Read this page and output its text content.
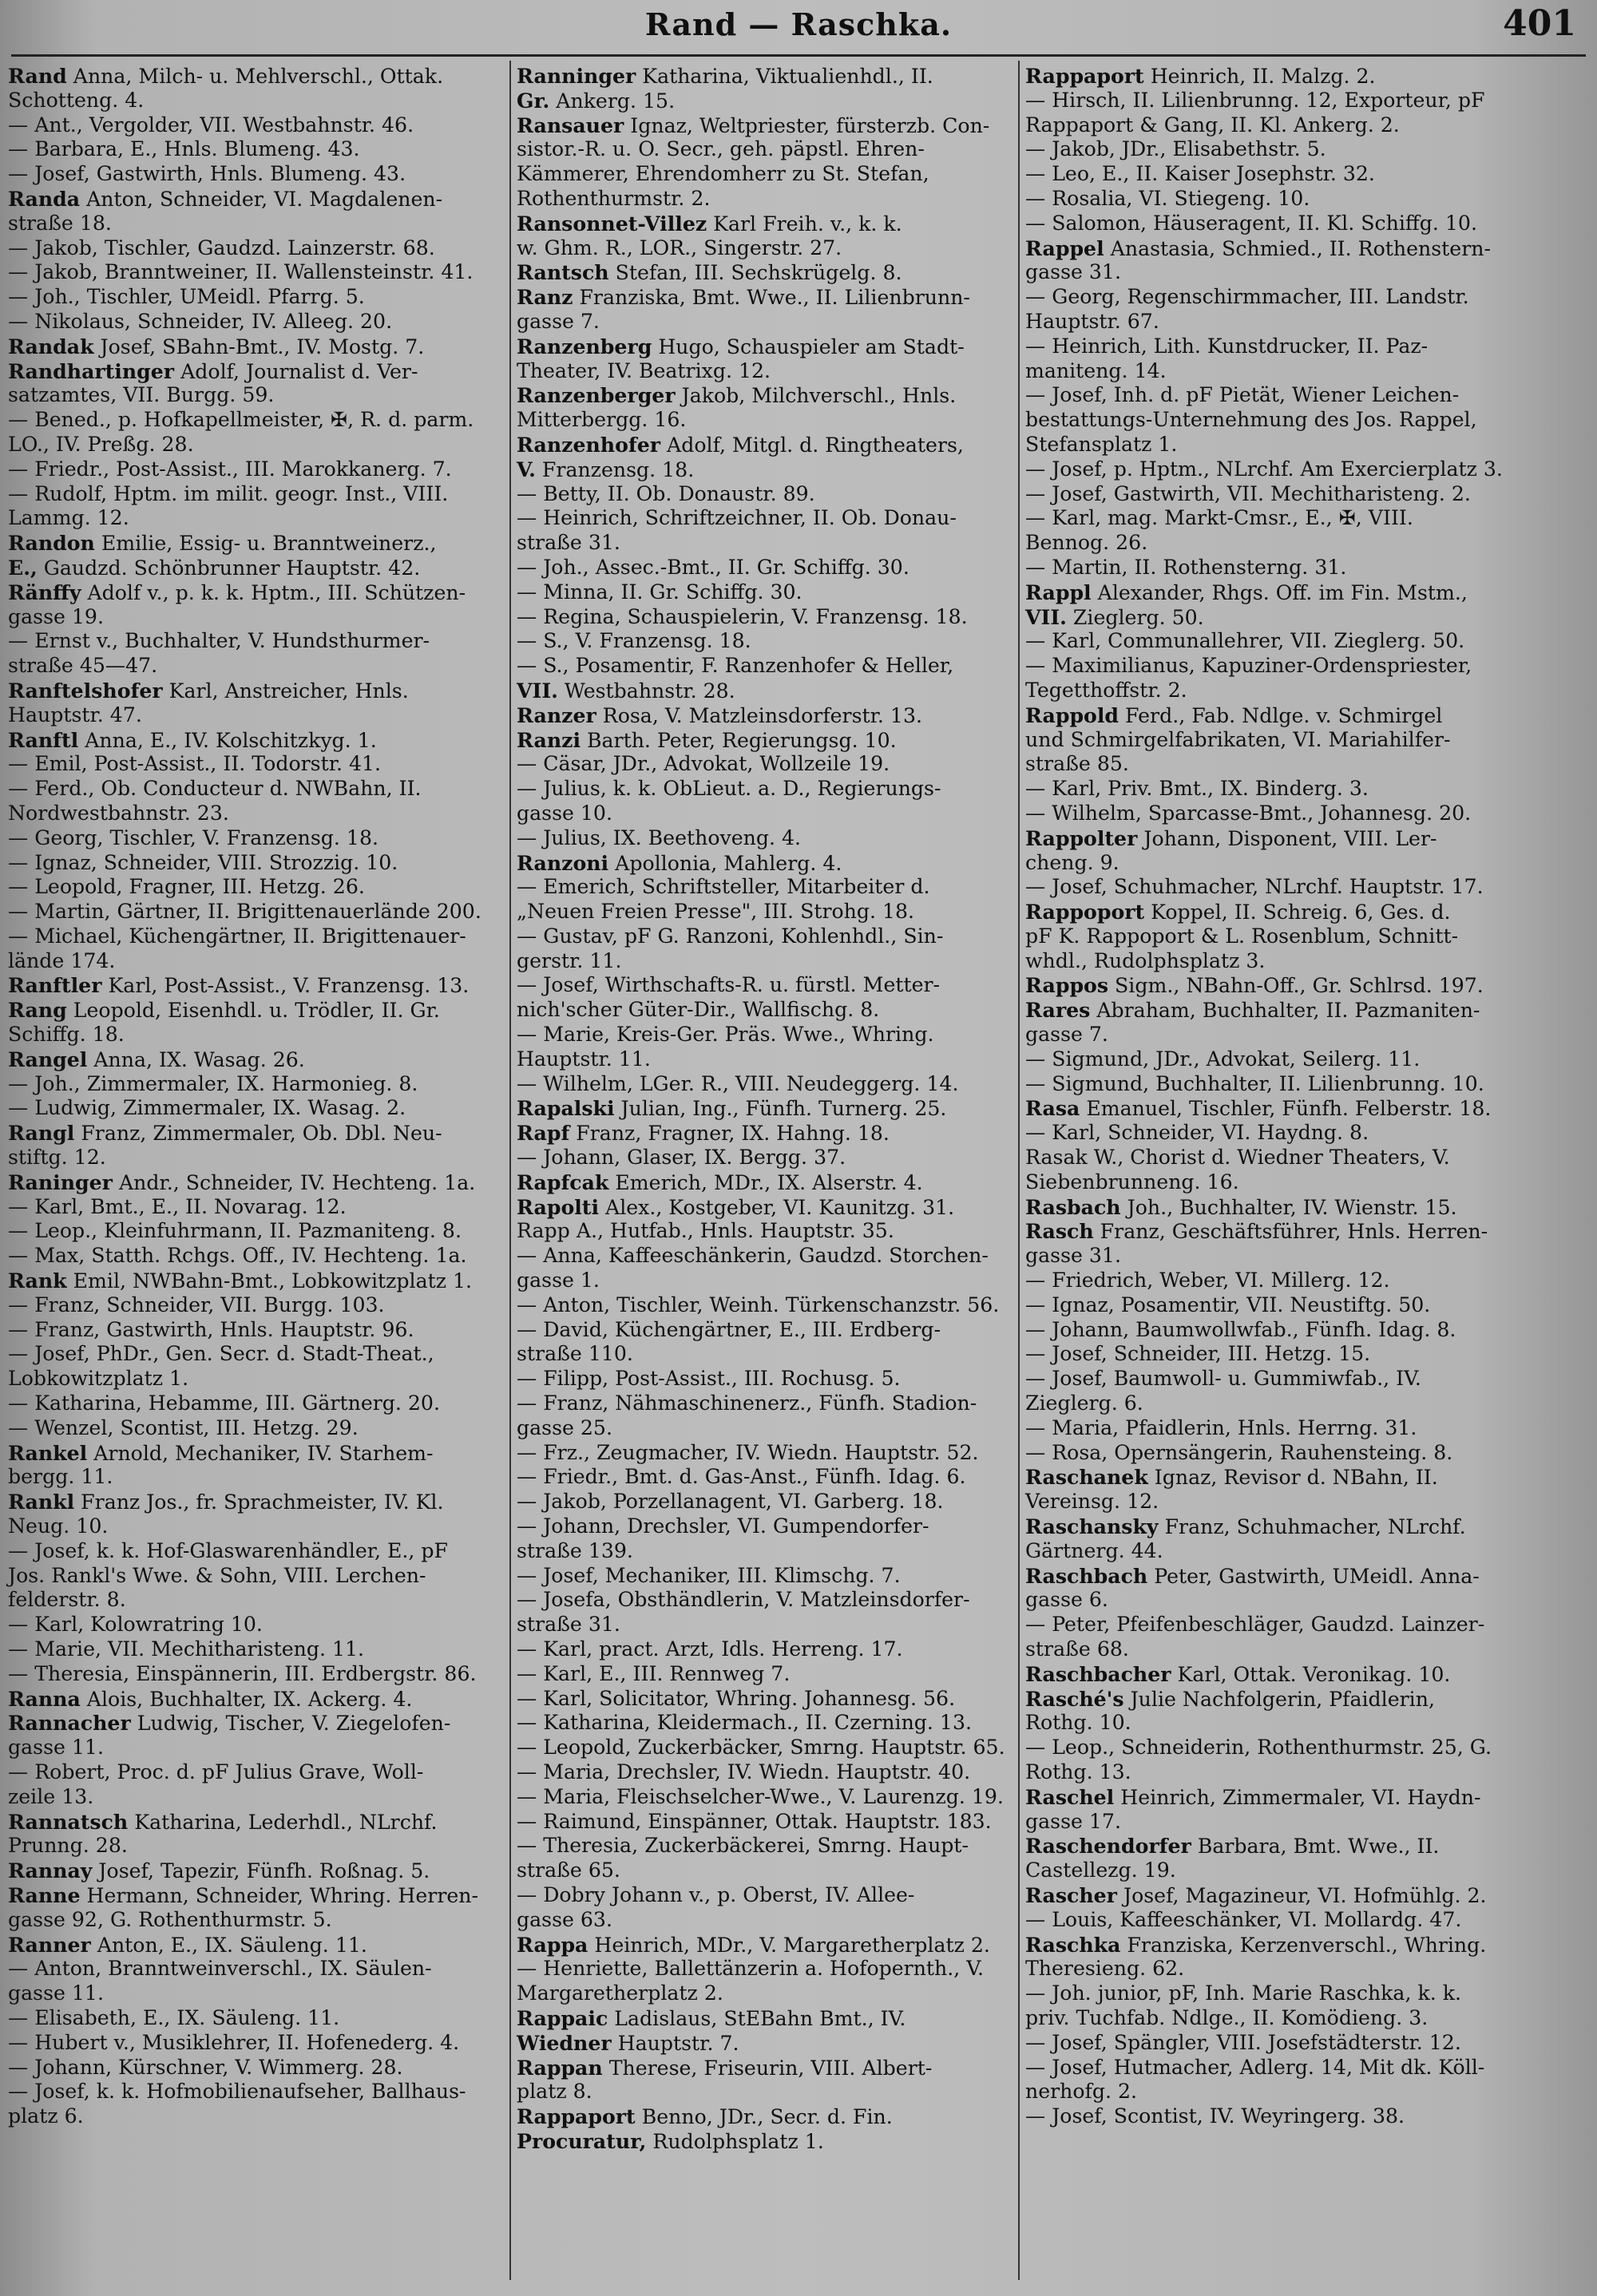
Rand — Raschka.	401
Rand Anna, Milch- u. Mehlverschl., Ottak.
Schotteng. 4.
— Ant., Vergolder, VII. Westbahnstr. 46.
— Barbara, E., Hnls. Blumeng. 43.
— Josef, Gastwirth, Hnls. Blumeng. 43.
Randa Anton, Schneider, VI. Magdalenen-
straße 18.
— Jakob, Tischler, Gaudzd. Lainzerstr. 68.
— Jakob, Branntweiner, II. Wallensteinstr. 41.
— Joh., Tischler, UMeidl. Pfarrg. 5.
— Nikolaus, Schneider, IV. Alleeg. 20.
Randak Josef, SBahn-Bmt., IV. Mostg. 7.
Randhartinger Adolf, Journalist d. Ver-
satzamtes, VII. Burgg. 59.
— Bened., p. Hofkapellmeister, ✠, R. d. parm.
LO., IV. Preßg. 28.
— Friedr., Post-Assist., III. Marokkanerg. 7.
— Rudolf, Hptm. im milit. geogr. Inst., VIII.
Lammg. 12.
Randon Emilie, Essig- u. Branntweinerz.,
E., Gaudzd. Schönbrunner Hauptstr. 42.
Ränffy Adolf v., p. k. k. Hptm., III. Schützen-
gasse 19.
— Ernst v., Buchhalter, V. Hundsthurmer-
straße 45—47.
Ranftelshofer Karl, Anstreicher, Hnls.
Hauptstr. 47.
Ranftl Anna, E., IV. Kolschitzkyg. 1.
— Emil, Post-Assist., II. Todorstr. 41.
— Ferd., Ob. Conducteur d. NWBahn, II.
Nordwestbahnstr. 23.
— Georg, Tischler, V. Franzensg. 18.
— Ignaz, Schneider, VIII. Strozzig. 10.
— Leopold, Fragner, III. Hetzg. 26.
— Martin, Gärtner, II. Brigittenauerlände 200.
— Michael, Küchengärtner, II. Brigittenauer-
lände 174.
Ranftler Karl, Post-Assist., V. Franzensg. 13.
Rang Leopold, Eisenhdl. u. Trödler, II. Gr.
Schiffg. 18.
Rangel Anna, IX. Wasag. 26.
— Joh., Zimmermaler, IX. Harmonieg. 8.
— Ludwig, Zimmermaler, IX. Wasag. 2.
Rangl Franz, Zimmermaler, Ob. Dbl. Neu-
stiftg. 12.
Raninger Andr., Schneider, IV. Hechteng. 1a.
— Karl, Bmt., E., II. Novarag. 12.
— Leop., Kleinfuhrmann, II. Pazmaniteng. 8.
— Max, Statth. Rchgs. Off., IV. Hechteng. 1a.
Rank Emil, NWBahn-Bmt., Lobkowitzplatz 1.
— Franz, Schneider, VII. Burgg. 103.
— Franz, Gastwirth, Hnls. Hauptstr. 96.
— Josef, PhDr., Gen. Secr. d. Stadt-Theat.,
Lobkowitzplatz 1.
— Katharina, Hebamme, III. Gärtnerg. 20.
— Wenzel, Scontist, III. Hetzg. 29.
Rankel Arnold, Mechaniker, IV. Starhem-
bergg. 11.
Rankl Franz Jos., fr. Sprachmeister, IV. Kl.
Neug. 10.
— Josef, k. k. Hof-Glaswarenhändler, E., pF
Jos. Rankl's Wwe. & Sohn, VIII. Lerchen-
felderstr. 8.
— Karl, Kolowratring 10.
— Marie, VII. Mechitharisteng. 11.
— Theresia, Einspännerin, III. Erdbergstr. 86.
Ranna Alois, Buchhalter, IX. Ackerg. 4.
Rannacher Ludwig, Tischer, V. Ziegelofen-
gasse 11.
— Robert, Proc. d. pF Julius Grave, Woll-
zeile 13.
Rannatsch Katharina, Lederhdl., NLrchf.
Prunng. 28.
Rannay Josef, Tapezir, Fünfh. Roßnag. 5.
Ranne Hermann, Schneider, Whring. Herren-
gasse 92, G. Rothenthurmstr. 5.
Ranner Anton, E., IX. Säuleng. 11.
— Anton, Branntweinverschl., IX. Säulen-
gasse 11.
— Elisabeth, E., IX. Säuleng. 11.
— Hubert v., Musiklehrer, II. Hofenederg. 4.
— Johann, Kürschner, V. Wimmerg. 28.
— Josef, k. k. Hofmobilienaufseher, Ballhaus-
platz 6.
Ranninger Katharina, Viktualienhdl., II.
Gr. Ankerg. 15.
Ransauer Ignaz, Weltpriester, fürsterzb. Con-
sistor.-R. u. O. Secr., geh. päpstl. Ehren-
Kämmerer, Ehrendomherr zu St. Stefan,
Rothenthurmstr. 2.
Ransonnet-Villez Karl Freih. v., k. k.
w. Ghm. R., LOR., Singerstr. 27.
Rantsch Stefan, III. Sechskrügelg. 8.
Ranz Franziska, Bmt. Wwe., II. Lilienbrunn-
gasse 7.
Ranzenberg Hugo, Schauspieler am Stadt-
Theater, IV. Beatrixg. 12.
Ranzenberger Jakob, Milchverschl., Hnls.
Mitterbergg. 16.
Ranzenhofer Adolf, Mitgl. d. Ringtheaters,
V. Franzensg. 18.
— Betty, II. Ob. Donaustr. 89.
— Heinrich, Schriftzeichner, II. Ob. Donau-
straße 31.
— Joh., Assec.-Bmt., II. Gr. Schiffg. 30.
— Minna, II. Gr. Schiffg. 30.
— Regina, Schauspielerin, V. Franzensg. 18.
— S., V. Franzensg. 18.
— S., Posamentir, F. Ranzenhofer & Heller,
VII. Westbahnstr. 28.
Ranzer Rosa, V. Matzleinsdorferstr. 13.
Ranzi Barth. Peter, Regierungsg. 10.
— Cäsar, JDr., Advokat, Wollzeile 19.
— Julius, k. k. ObLieut. a. D., Regierungs-
gasse 10.
— Julius, IX. Beethoveng. 4.
Ranzoni Apollonia, Mahlerg. 4.
— Emerich, Schriftsteller, Mitarbeiter d.
„Neuen Freien Presse", III. Strohg. 18.
— Gustav, pF G. Ranzoni, Kohlenhdl., Sin-
gerstr. 11.
— Josef, Wirthschafts-R. u. fürstl. Metter-
nich'scher Güter-Dir., Wallfischg. 8.
— Marie, Kreis-Ger. Präs. Wwe., Whring.
Hauptstr. 11.
— Wilhelm, LGer. R., VIII. Neudeggerg. 14.
Rapalski Julian, Ing., Fünfh. Turnerg. 25.
Rapf Franz, Fragner, IX. Hahng. 18.
— Johann, Glaser, IX. Bergg. 37.
Rapfcak Emerich, MDr., IX. Alserstr. 4.
Rapolti Alex., Kostgeber, VI. Kaunitzg. 31.
Rapp A., Hutfab., Hnls. Hauptstr. 35.
— Anna, Kaffeeschänkerin, Gaudzd. Storchen-
gasse 1.
— Anton, Tischler, Weinh. Türkenschanzstr. 56.
— David, Küchengärtner, E., III. Erdberg-
straße 110.
— Filipp, Post-Assist., III. Rochusg. 5.
— Franz, Nähmaschinenerz., Fünfh. Stadion-
gasse 25.
— Frz., Zeugmacher, IV. Wiedn. Hauptstr. 52.
— Friedr., Bmt. d. Gas-Anst., Fünfh. Idag. 6.
— Jakob, Porzellanagent, VI. Garberg. 18.
— Johann, Drechsler, VI. Gumpendorfer-
straße 139.
— Josef, Mechaniker, III. Klimschg. 7.
— Josefa, Obsthändlerin, V. Matzleinsdorfer-
straße 31.
— Karl, pract. Arzt, Idls. Herreng. 17.
— Karl, E., III. Rennweg 7.
— Karl, Solicitator, Whring. Johannesg. 56.
— Katharina, Kleidermach., II. Czerning. 13.
— Leopold, Zuckerbäcker, Smrng. Hauptstr. 65.
— Maria, Drechsler, IV. Wiedn. Hauptstr. 40.
— Maria, Fleischselcher-Wwe., V. Laurenzg. 19.
— Raimund, Einspänner, Ottak. Hauptstr. 183.
— Theresia, Zuckerbäckerei, Smrng. Haupt-
straße 65.
— Dobry Johann v., p. Oberst, IV. Allee-
gasse 63.
Rappa Heinrich, MDr., V. Margaretherplatz 2.
— Henriette, Ballettänzerin a. Hofopernth., V.
Margaretherplatz 2.
Rappaic Ladislaus, StEBahn Bmt., IV.
Wiedner Hauptstr. 7.
Rappan Therese, Friseurin, VIII. Albert-
platz 8.
Rappaport Benno, JDr., Secr. d. Fin.
Procuratur, Rudolphsplatz 1.
Rappaport Heinrich, II. Malzg. 2.
— Hirsch, II. Lilienbrunng. 12, Exporteur, pF
Rappaport & Gang, II. Kl. Ankerg. 2.
— Jakob, JDr., Elisabethstr. 5.
— Leo, E., II. Kaiser Josephstr. 32.
— Rosalia, VI. Stiegeng. 10.
— Salomon, Häuseragent, II. Kl. Schiffg. 10.
Rappel Anastasia, Schmied., II. Rothenstern-
gasse 31.
— Georg, Regenschirmmacher, III. Landstr.
Hauptstr. 67.
— Heinrich, Lith. Kunstdrucker, II. Paz-
maniteng. 14.
— Josef, Inh. d. pF Pietät, Wiener Leichen-
bestattungs-Unternehmung des Jos. Rappel,
Stefansplatz 1.
— Josef, p. Hptm., NLrchf. Am Exercierplatz 3.
— Josef, Gastwirth, VII. Mechitharisteng. 2.
— Karl, mag. Markt-Cmsr., E., ✠, VIII.
Bennog. 26.
— Martin, II. Rothensterng. 31.
Rappl Alexander, Rhgs. Off. im Fin. Mstm.,
VII. Zieglerg. 50.
— Karl, Communallehrer, VII. Zieglerg. 50.
— Maximilianus, Kapuziner-Ordenspriester,
Tegetthoffstr. 2.
Rappold Ferd., Fab. Ndlge. v. Schmirgel
und Schmirgelfabrikaten, VI. Mariahilfer-
straße 85.
— Karl, Priv. Bmt., IX. Binderg. 3.
— Wilhelm, Sparcasse-Bmt., Johannesg. 20.
Rappolter Johann, Disponent, VIII. Ler-
cheng. 9.
— Josef, Schuhmacher, NLrchf. Hauptstr. 17.
Rappoport Koppel, II. Schreig. 6, Ges. d.
pF K. Rappoport & L. Rosenblum, Schnitt-
whdl., Rudolphsplatz 3.
Rappos Sigm., NBahn-Off., Gr. Schlrsd. 197.
Rares Abraham, Buchhalter, II. Pazmaniten-
gasse 7.
— Sigmund, JDr., Advokat, Seilerg. 11.
— Sigmund, Buchhalter, II. Lilienbrunng. 10.
Rasa Emanuel, Tischler, Fünfh. Felberstr. 18.
— Karl, Schneider, VI. Haydng. 8.
Rasak W., Chorist d. Wiedner Theaters, V.
Siebenbrunneng. 16.
Rasbach Joh., Buchhalter, IV. Wienstr. 15.
Rasch Franz, Geschäftsführer, Hnls. Herren-
gasse 31.
— Friedrich, Weber, VI. Millerg. 12.
— Ignaz, Posamentir, VII. Neustiftg. 50.
— Johann, Baumwollwfab., Fünfh. Idag. 8.
— Josef, Schneider, III. Hetzg. 15.
— Josef, Baumwoll- u. Gummiwfab., IV.
Zieglerg. 6.
— Maria, Pfaidlerin, Hnls. Herrng. 31.
— Rosa, Opernsängerin, Rauhensteing. 8.
Raschanek Ignaz, Revisor d. NBahn, II.
Vereinsg. 12.
Raschansky Franz, Schuhmacher, NLrchf.
Gärtnerg. 44.
Raschbach Peter, Gastwirth, UMeidl. Anna-
gasse 6.
— Peter, Pfeifenbeschläger, Gaudzd. Lainzer-
straße 68.
Raschbacher Karl, Ottak. Veronikag. 10.
Rasché's Julie Nachfolgerin, Pfaidlerin,
Rothg. 10.
— Leop., Schneiderin, Rothenthurmstr. 25, G.
Rothg. 13.
Raschel Heinrich, Zimmermaler, VI. Haydn-
gasse 17.
Raschendorfer Barbara, Bmt. Wwe., II.
Castellezg. 19.
Rascher Josef, Magazineur, VI. Hofmühlg. 2.
— Louis, Kaffeeschänker, VI. Mollardg. 47.
Raschka Franziska, Kerzenverschl., Whring.
Theresieng. 62.
— Joh. junior, pF, Inh. Marie Raschka, k. k.
priv. Tuchfab. Ndlge., II. Komödieng. 3.
— Josef, Spängler, VIII. Josefstädterstr. 12.
— Josef, Hutmacher, Adlerg. 14, Mit dk. Köll-
nerhofg. 2.
— Josef, Scontist, IV. Weyringerg. 38.
